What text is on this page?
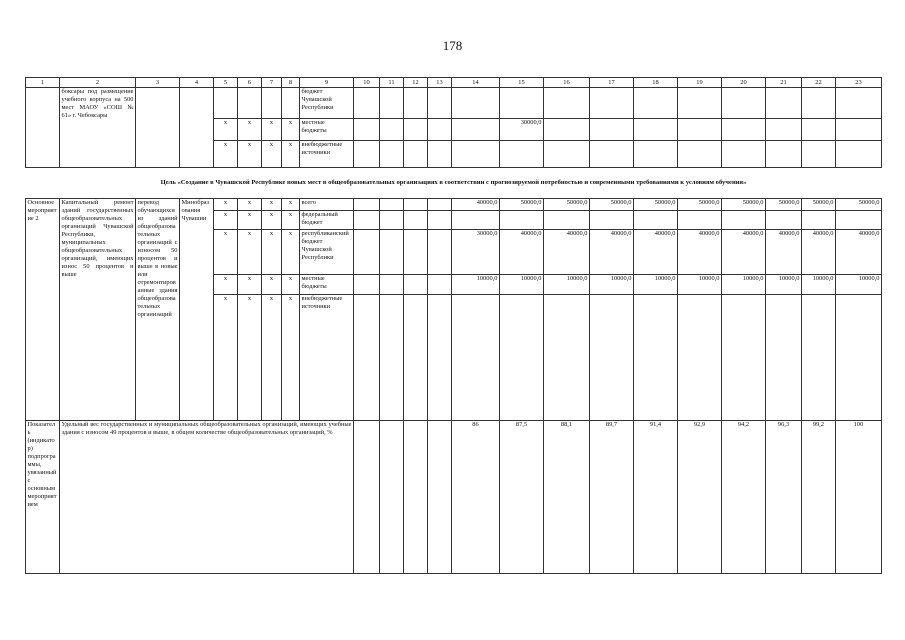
178
1	2	3	4	5	6	7	8	9	10	11	12	13	14	15	16	17	18	19	20	21	22	23
	боксары под размещение учебного корпуса на 500 мест МАОУ «СОШ № 61» г. Чебоксары							бюджет Чувашской Республики														
				x	x	x	x	местные бюджеты						30000,0								
				x	x	x	x	внебюджетные источники														
Цель «Создание в Чувашской Республике новых мест в общеобразовательных организациях в соответствии с прогнозируемой потребностью и современными требованиями к условиям обучения»																						
Основное мероприятие 2	Капитальный ремонт зданий государственных общеобразовательных организаций Чувашской Республики, муниципальных общеобразовательных организаций, имеющих износ 50 процентов и выше	перевод обучающихся из зданий общеобразовательных организаций с износом 50 процентов и выше в новые или отремонтированные здания общеобразовательных организаций	Минобразования Чувашии	x	x	x	x	всего					40000,0	50000,0	50000,0	50000,0	50000,0	50000,0	50000,0	50000,0	50000,0	50000,0
				x	x	x	x	федеральный бюджет														
				x	x	x	x	республиканский бюджет Чувашской Республики					30000,0	40000,0	40000,0	40000,0	40000,0	40000,0	40000,0	40000,0	40000,0	40000,0
				x	x	x	x	местные бюджеты					10000,0	10000,0	10000,0	10000,0	10000,0	10000,0	10000,0	10000,0	10000,0	10000,0
				x	x	x	x	внебюджетные источники														
Показатель (индикатор) подпрограммы, увязанный с основным мероприятием	Удельный вес государственных и муниципальных общеобразовательных организаций, имеющих учебные здания с износом 49 процентов и выше, в общем количестве общеобразовательных организаций, %												86	87,5	88,1	89,7	91,4	92,9	94,2	96,3	99,2	100
